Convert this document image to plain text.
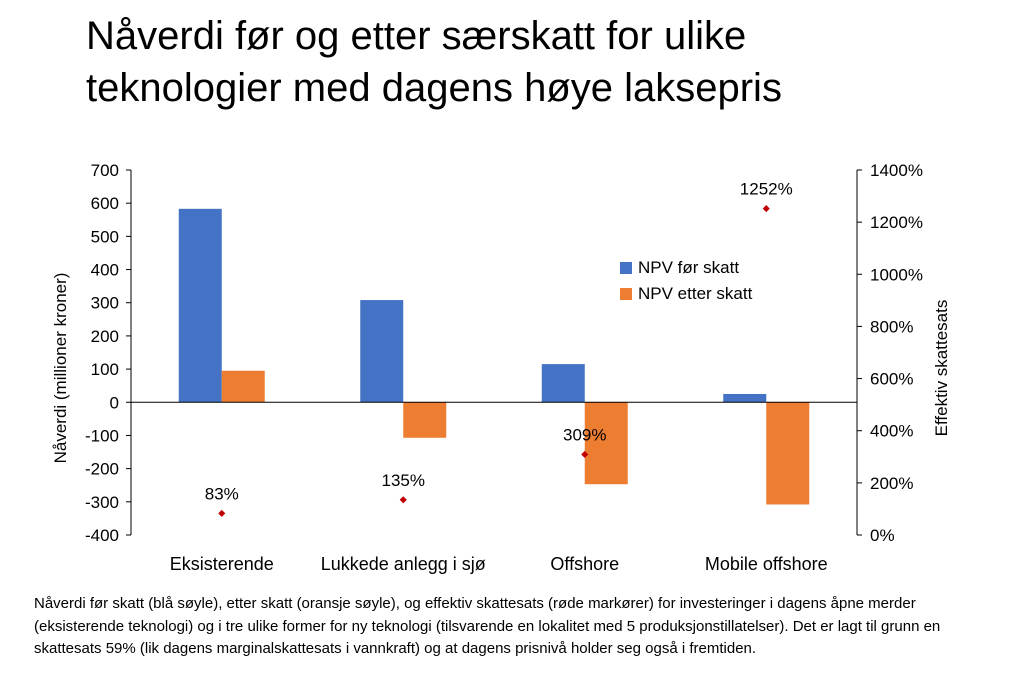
Nåverdi før og etter særskatt for ulike
teknologier med dagens høye laksepris
700
600
500
400
300
200
100
0
-100
-200
-300
-400
1400%
1200%
1000%
800%
600%
400%
200%
0%
83%
135%
309%
1252%
Eksisterende	Lukkede anlegg i sjø	Offshore	Mobile offshore
Nåverdi (millioner kroner)	Effektiv skattesats
NPV før skatt
NPV etter skatt
Nåverdi før skatt (blå søyle), etter skatt (oransje søyle), og effektiv skattesats (røde markører) for investeringer i dagens åpne merder (eksisterende teknologi) og i tre ulike former for ny teknologi (tilsvarende en lokalitet med 5 produksjonstillatelser). Det er lagt til grunn en skattesats 59% (lik dagens marginalskattesats i vannkraft) og at dagens prisnivå holder seg også i fremtiden.
